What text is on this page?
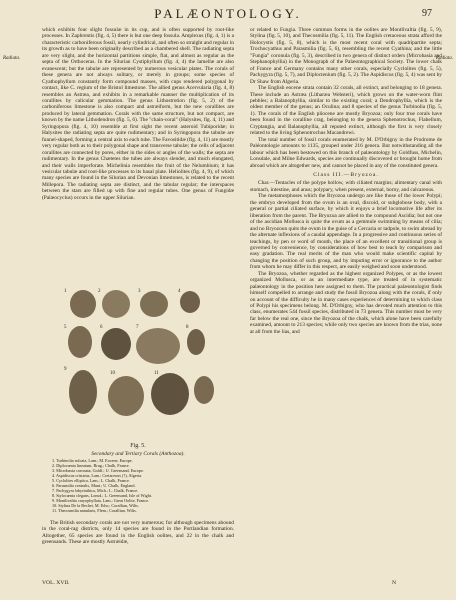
PALÆONTOLOGY.	97
Radiata.	Radiata.

which exhibits four slight fossulæ in its cup, and is often supported by root-like processes. In Zaphrentis (fig. 4, 5) there is but one deep fossula. Amplexus (fig. 4, 1) is a characteristic carboniferous fossil, nearly cylindrical, and often so straight and regular in its growth as to have been originally described as a chambered shell. The radiating septa are very slight, and the horizontal partitions simple, flat, and almost as regular as the septa of the Orthoceras. In the Silurian Cystiphyllum (fig. 4, 4) the lamellæ are also evanescent; but the tabulæ are represented by numerous vesicular plates. The corals of these genera are not always solitary, or merely in groups; some species of Cyathophyllum constantly form compound masses, with cups rendered polygonal by contact, like C. regium of the Bristol limestone. The allied genus Acervularia (fig. 4, 8) resembles an Astræa, and exhibits in a remarkable manner the multiplication of its corallites by calicular gemmation. The genus Lithostrotion (fig. 5, 2) of the carboniferous limestone is also compact and astræiform, but the new corallites are produced by lateral gemmation. Corals with the same structure, but not compact, are known by the name Lithodendron (fig. 5, 6). The "chain-coral" (Halysites, fig. 4, 11) and Syringopora (fig. 4, 10) resemble at first sight the recent asteroid Tubiporidæ; in Halysites the radiating septa are quite rudimentary; and in Syringopora the tabulæ are funnel-shaped, forming a central axis to each tube. The Favositidæ (fig. 4, 11) are mostly very regular both as to their polygonal shape and transverse tabulæ; the cells of adjacent corallites are connected by pores, either in the sides or angles of the walls; the septa are rudimentary. In the genus Chætetes the tubes are always slender, and much elongated, and their walls imperforate. Michelinia resembles the fruit of the Nelumbium; it has vesicular tabulæ and root-like processes to its basal plate. Heliolites (fig. 4, 9), of which many species are found in the Silurian and Devonian limestones, is related to the recent Millepora. The radiating septa are distinct, and the tabular regular; the interspaces between the stars are filled up with fine and regular tubes. One genus of Fungidæ (Palæocyclus) occurs in the upper Silurian.

1	2	3	4
5	6	7	8
9
10	11
Fig. 5.
Secondary and Tertiary Corals (Anthozoa).
1. Turbinolia sulcata, Lam.; M. Eocene, Europe.
2. Diplocœnia lineatum, Brug.; Chalk, France.
3. Microbasia coronata, Goldf.; U. Greensand, Europe.
4. Aspidiscus cristatus, Lam.; Cretaceous (?), Algeria.
5. Cyclolites elliptica, Lam.; L. Chalk, France.
6. Parasmilia centralis, Mant.; U. Chalk, England.
7. Pachygyra labyrinthica, Mich.; L. Chalk, France.
8. Stylocœnia clegans, Lonsd.; L. Greensand, Isle of Wight.
9. Montlivaltia caryophyllata, Lam.; Great Oolite, France.
10. Stylina De la Bechei, M. Edw.; Corallian, Wilts.
11. Thecosmilia annularis, Flem.; Corallian, Wilts.

The British secondary corals are not very numerous; for although specimens abound in the coral-rag districts, only 14 species are found in the Portlandian formation. Altogether, 65 species are found in the English oolites, and 22 in the chalk and greensands. These are mostly Astræidæ,

or related to Fungia. Three common forms in the oolites are Montlivaltia (fig. 5, 9), Stylina (fig. 5, 10), and Thecosmilia (fig. 5, 11). The English cretaceous strata afford the Holocystis (fig. 5, 8), which is the most recent coral with quadripartite septa; Trochocyathus and Parasmilia (fig. 5, 6), resembling the recent Cyathina; and the little "Fungia" coronula (fig. 5, 3), described in two genera of distinct orders (Microbasia and Stephanophyllia) in the Monograph of the Palæontographical Society. The lower chalk of France and Germany contains many other corals, especially Cyclolites (fig. 5, 5), Pachygyra (fig. 5, 7), and Diploctenium (fig. 5, 2). The Aspidiscus (fig. 5, 4) was sent by Dr Shaw from Algeria.

The English eocene strata contain 32 corals, all extinct, and belonging to 18 genera. These include an Astræa (Litharæa Websteri), which grows on the water-worn flint pebbles; a Balanophyllia, similar to the existing coral; a Dendrophyllia, which is the oldest member of the genus; an Oculina; and 8 species of the genus Turbinolia (fig. 5, 1). The corals of the English pliocene are mostly Bryozoa; only four true corals have been found in the coralline crag, belonging to the genera Sphenotrochus, Flabellum, Cryptangia, and Balanophyllia, all reputed extinct, although the first is very closely related to the living Sphenotrochus Macandrewi.

The total number of fossil corals enumerated by M. D'Orbigny in the Prodrome de Paléontologie amounts to 1135, grouped under 216 genera. But notwithstanding all the labour which has been bestowed on this branch of palæontology by Goldfuss, Michelin, Lonsdale, and Milne Edwards, species are continually discovered or brought home from abroad which are altogether new, and cannot be placed in any of the constituted genera.

Class III.—Bryozoa.

Char.—Tentacles of the polype hollow, with ciliated margins; alimentary canal with stomach, intestine, and anus; polypary, when present, external, horny, and calcareous.

The metamorphoses which the Bryozoa undergo are like those of the lower Polypi; the embryo developed from the ovum is an oval, discoid, or subglobose body, with a general or partial ciliated surface, by which it enjoys a brief locomotive life after its liberation from the parent. The Bryozoa are allied to the compound Ascidia; but not one of the ascidian Mollusca is quite the ovum as a gemmule swimming by means of cilia; and no Bryozoon quits the ovum in the guise of a Cercaria or tadpole, to swim abroad by the alternate inflexions of a caudal appendage. In a progressive and continuous series of teachings, by pen or word of mouth, the place of an excellent or transitional group is governed by convenience, by considerations of how best to teach by comparison and easy gradation. The real merits of the man who would make scientific capital by changing the position of such group, and by imputing error or ignorance to the author from whom he may differ in this respect, are easily weighed and soon understood.

The Bryozoa, whether regarded as the highest organized Polypes, or as the lowest organized Mollusca, or as an intermediate type, are treated of in systematic palæontology in the position here assigned to them. The practical palæontologist finds himself compelled to arrange and study the fossil Bryozoa along with the corals, if only on account of the difficulty he in many cases experiences of determining to which class of Polypi his specimens belong. M. D'Orbigny, who has devoted much attention to this class, enumerates 544 fossil species, distributed in 73 genera. This number must be very far below the real one, since the Bryozoa of the chalk, which alone have been carefully examined, amount to 213 species; while only two species are known from the trias, none at all from the lias, and

VOL. XVII.	N
